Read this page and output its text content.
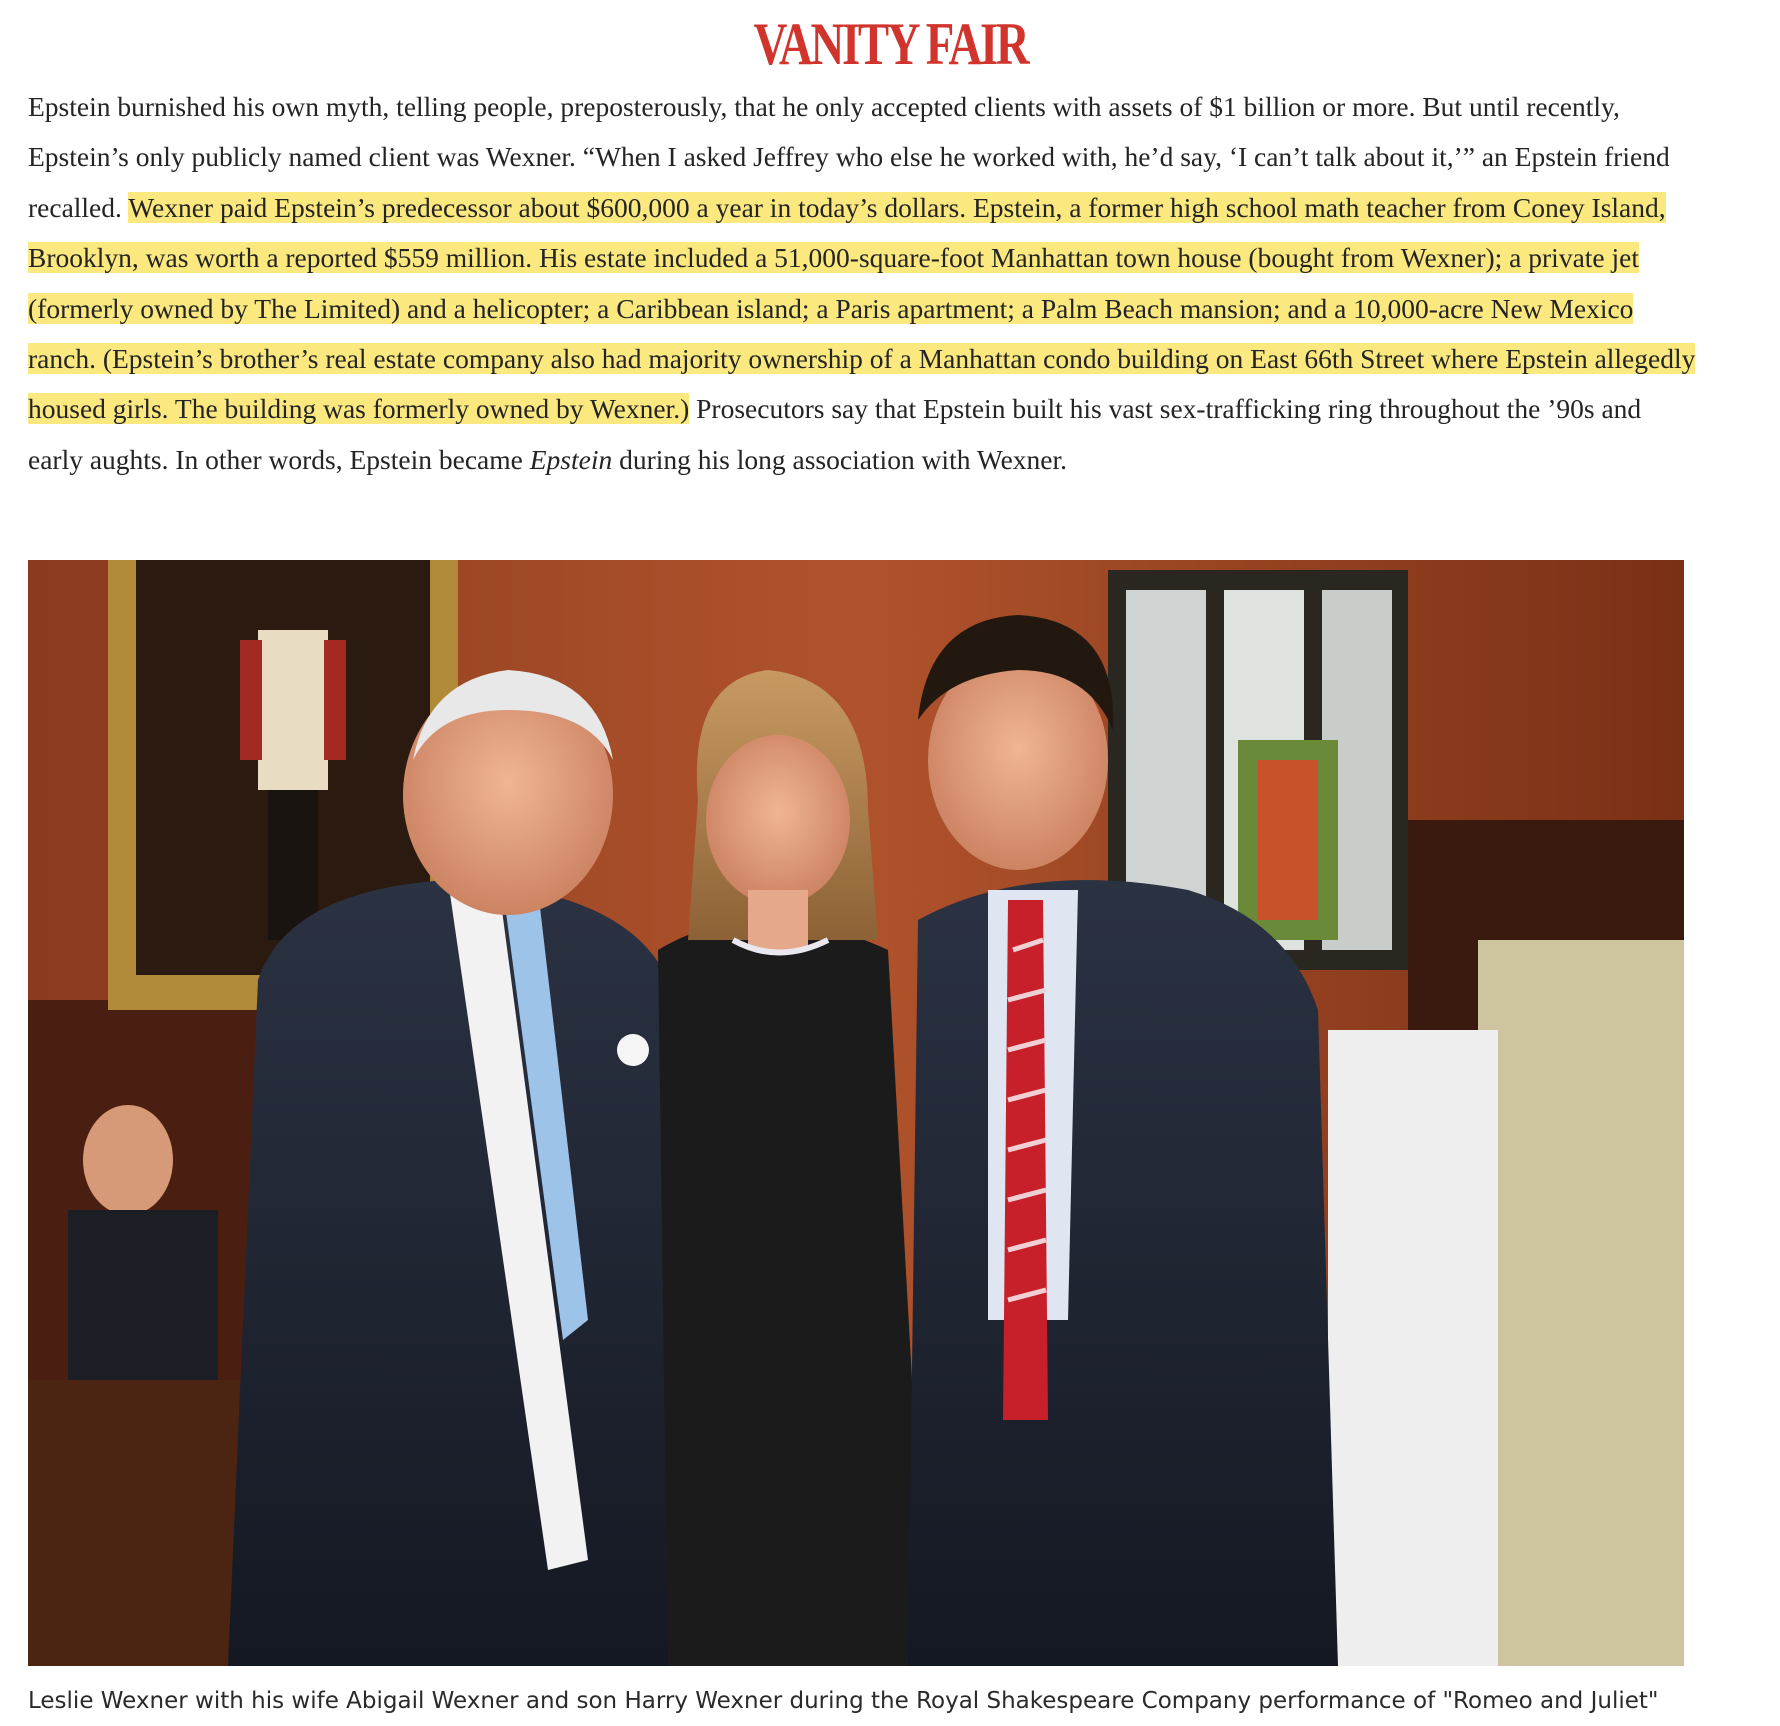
VANITY FAIR

Epstein burnished his own myth, telling people, preposterously, that he only accepted clients with assets of $1 billion or more. But until recently, Epstein’s only publicly named client was Wexner. “When I asked Jeffrey who else he worked with, he’d say, ‘I can’t talk about it,’” an Epstein friend recalled. Wexner paid Epstein’s predecessor about $600,000 a year in today’s dollars. Epstein, a former high school math teacher from Coney Island, Brooklyn, was worth a reported $559 million. His estate included a 51,000-square-foot Manhattan town house (bought from Wexner); a private jet (formerly owned by The Limited) and a helicopter; a Caribbean island; a Paris apartment; a Palm Beach mansion; and a 10,000-acre New Mexico ranch. (Epstein’s brother’s real estate company also had majority ownership of a Manhattan condo building on East 66th Street where Epstein allegedly housed girls. The building was formerly owned by Wexner.) Prosecutors say that Epstein built his vast sex-trafficking ring throughout the ’90s and early aughts. In other words, Epstein became Epstein during his long association with Wexner.

Leslie Wexner with his wife Abigail Wexner and son Harry Wexner during the Royal Shakespeare Company performance of "Romeo and Juliet"
